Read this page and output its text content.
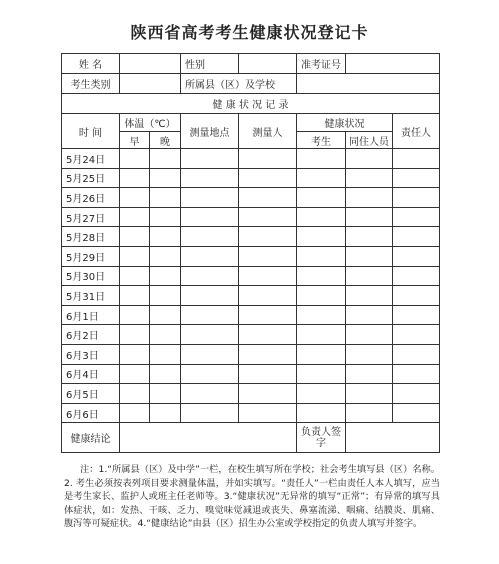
陕西省高考考生健康状况登记卡
姓 名			性别		准考证号		
考生类别			所属县（区）及学校				
健 康 状 况 记 录							
时 间	体温（℃）		测量地点	测量人	健康状况		责任人
	早	晚			考生	同住人员	
5月24日							
5月25日							
5月26日							
5月27日							
5月28日							
5月29日							
5月30日							
5月31日							
6月1日							
6月2日							
6月3日							
6月4日							
6月5日							
6月6日							
健康结论					负责人签字		
注：1.“所属县（区）及中学”一栏，在校生填写所在学校；社会考生填写县（区）名称。2. 考生必须按表列项目要求测量体温，并如实填写。“责任人”一栏由责任人本人填写，应当是考生家长、监护人或班主任老师等。3.“健康状况”无异常的填写“正常”；有异常的填写具体症状，如：发热、干咳、乏力、嗅觉味觉减退或丧失、鼻塞流涕、咽痛、结膜炎、肌痛、腹泻等可疑症状。4.“健康结论”由县（区）招生办公室或学校指定的负责人填写并签字。
